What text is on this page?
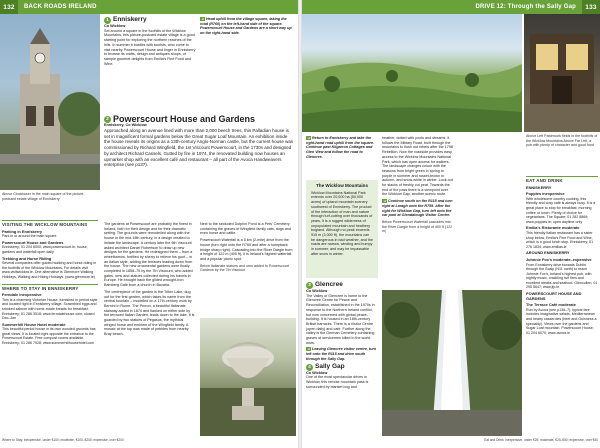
132	BACK ROADS IRELAND	DRIVE 12: Through the Sally Gap	133
Above Clocktower in the main square of the picture-postcard estate village of Enniskerry
1 Enniskerry
Co Wicklow

Set around a square in the foothills of the Wicklow Mountains, this picture-postcard estate village is a good starting point for exploring the northern reaches of the hills. In summer it bustles with tourists, who come to visit nearby Powerscourt House and linger in Enniskerry to browse its crafts, design and antiques shops, or sample gourmet delights from Emilia's Fine Food and Wine.

➔ Head uphill from the village square, taking the road (R760) on the left-hand side of the square. Powerscourt House and Gardens are a short way up on the right-hand side.

2 Powerscourt House and Gardens
Enniskerry, Co Wicklow

Approached along an avenue lined with more than 2,000 beech trees, this Palladian house is set in magnificent formal gardens below the Great Sugar Loaf Mountain. An exhibition inside the house reveals its origins as a 13th-century Anglo-Norman castle, but the current house was commissioned by Richard Wingfield, the 1st Viscount Powerscourt, in the 1730s and designed by architect Richard Cassels. Gutted by fire in 1974, the renovated building now houses an upmarket shop with an excellent café and restaurant – all part of the Avoca Handweavers enterprise (see p137).

VISITING THE WICKLOW MOUNTAINS
Parking in Enniskerry
Park in or around the main square.
Powerscourt House and Gardens
Enniskerry; 01 204 6000; www.powerscourt.ie; house, gardens and waterfall open daily
Trekking and Horse Riding
Several companies offer guided walking and horse-riding in the foothills of the Wicklow Mountains. For details visit www.visitwicklow.ie. One alternative is Glenmore Walking Holidays, Walking and Hiking Holidays. (www.glenmore.ie)
WHERE TO STAY IN ENNISKERRY
Ferndale inexpensive
This is a charming Victorian House, furnished in period style and located right in Enniskerry village. Scrambled eggs and smoked salmon with home-made breads for breakfast. Enniskerry; 01 286 3518; www.ferndalehouse.com; closed Dec–Jan
Summerhill House Hotel moderate
This beautiful period house in its own wooded grounds has great views. It is located right opposite the entrance to the Powerscourt Estate. Free compost rooms available. Enniskerry; 01 286 7928; www.summerhillhousehotel.com

The gardens at Powerscourt are probably the finest in Ireland, both for their design and for their dramatic setting. The grounds were remodelled along with the house in the mid-18th century, in a design created to imitate the landscape. A century later the 6th Viscount asked architect Daniel Robertson to draw up new designs for the gardens. He redesigned them – from a wheelbarrow, fortified by sherry to relieve his gout – in an Italian style, adding the terraces leading down from the house. The new ornamental gardens were finally completed in 1858–75 by the 7th Viscount, who added gates, urns and statues collected during his travels in Europe. He brought back the gilded wrought-iron Bamberg Gate from a church in Bavaria.

The centrepiece of the garden is the Triton Lake, dug out for the first garden, which takes its name from the central fountain – modelled on a 17th-century work by Bernini in Rome. The Perron, a beautiful Italianate stairway added in 1874 and flanked on either side by the terraced Italian Garden, leads down to the lake. It is guarded by two statues of Pegasus, the mythical winged horse and emblem of the Wingfield family. A mosaic at the top was made of pebbles from nearby Bray beach.

Next to the secluded Dolphin Pond is a Pets' Cemetery containing the graves of Wingfield family cats, dogs and even horse and cattle.

Powerscourt Waterfall is a 5 km (2-mile) drive from the house (turn right onto the R760 and after a humpback bridge sharp right). Cascading into the River Dargle from a height of 122 m (400 ft), it is Ireland's highest waterfall and a popular picnic spot.

Below Italianate statues and urns added to Powerscourt Gardens by the 7th Viscount
Above Left Patchwork fields in the foothills of the Wicklow Mountains Above Far Left, a pub with plenty of character and good food

➔ Return to Enniskerry and take the right-hand road uphill from the square. Continue past Kilgarron Cottages and Glen View and follow the road to Glencree.

The Wicklow Mountains
Wicklow Mountains National Park extends over 20,000 ha (50,000 acres) of upland mountain scenery southwest of Enniskerry. The product of the interaction of man and nature through turf-cutting over thousands of years, it is a rugged wilderness of unpopulated mountain and heathery bogland. Although no peak exceeds 915 m (3,000 ft), the mountains can be dangerous in bad weather, and the roads are narrow, winding and bumpy in summer, and may be impassable after snow in winter.
3 Glencree
Co Wicklow

The Valley of Glencree is home to the Glencree Centre for Peace and Reconciliation, established in the 1970s in response to the Northern Ireland conflict, but now concerned with global peace-building. It is housed in an 18th-century British barracks. There is a Visitor Centre (open daily) and café. Further along the valley is the German Cemetery containing graves of servicemen killed in the world wars.

➔ Leaving Glencree visitor centre, turn left onto the R115 and drive south through the Sally Gap.

4 Sally Gap
Co Wicklow

One of the most spectacular drives in Wicklow, this remote mountain pass is surrounded by blanket bog and

heather, dotted with pools and streams. It follows the Military Road, built through the mountains to flush out rebels after the 1798 Rebellion. Now the roadside provides easy access to the Wicklow Mountains National Park, which has open access for walkers. The landscape changes colour with the seasons from bright green in spring to purple in summer and russet-brown in autumn, and snow-white in winter. Look out for stacks of freshly cut peat. Towards the end of the pass there is a viewpoint over the Wicklow Gap, another scenic route.

➔ Continue south on the R115 and turn right at Laragh onto the R755. After the right for Wicklow Gap, turn left onto the car park at Glendalough Visitor Centre.

Below Powerscourt Waterfall cascades into the River Dargle from a height of 400 ft (122 m)
EAT AND DRINK
ENNISKERRY
Poppies inexpensive
With wholesome country cooking, this friendly and cosy café is always busy. It is a great place to stop for breakfast, morning coffee or lunch. Plenty of choice for vegetarians. The Square; 01 282 8869; www.poppies.ie; open daytime only
Emilia's Ristorante moderate
This friendly Italian restaurant has a sister shop below, Emilia's Fine Food and Wine, which is a good lunch stop. Enniskerry; 01 276 1834; www.emilias.ie
AROUND ENNISKERRY
Johnnie Fox's moderate–expensive
From Enniskerry drive towards Dublin through the Scalp (N11 north) to reach Johnnie Fox's, Ireland's highest pub, with nightly music, crackling turf fires and excellent steaks and seafood. Glencullen; 01 295 5647; www.jfp.ie
POWERSCOURT HOUSE AND GARDENS
The Terrace Café moderate
Run by Avoca (see p136–7), typical fare includes imaginative salads, Mediterranean and hearty casseroles (beef and Guinness a speciality). Views over the gardens and Sugar Loaf mountain. Powerscourt House; 01 204 6070; www.avoca.ie
Where to Stay: inexpensive, under €100; moderate, €100–€200; expensive, over €200	Eat and Drink: inexpensive, under €25; moderate, €25–€50; expensive, over €50
